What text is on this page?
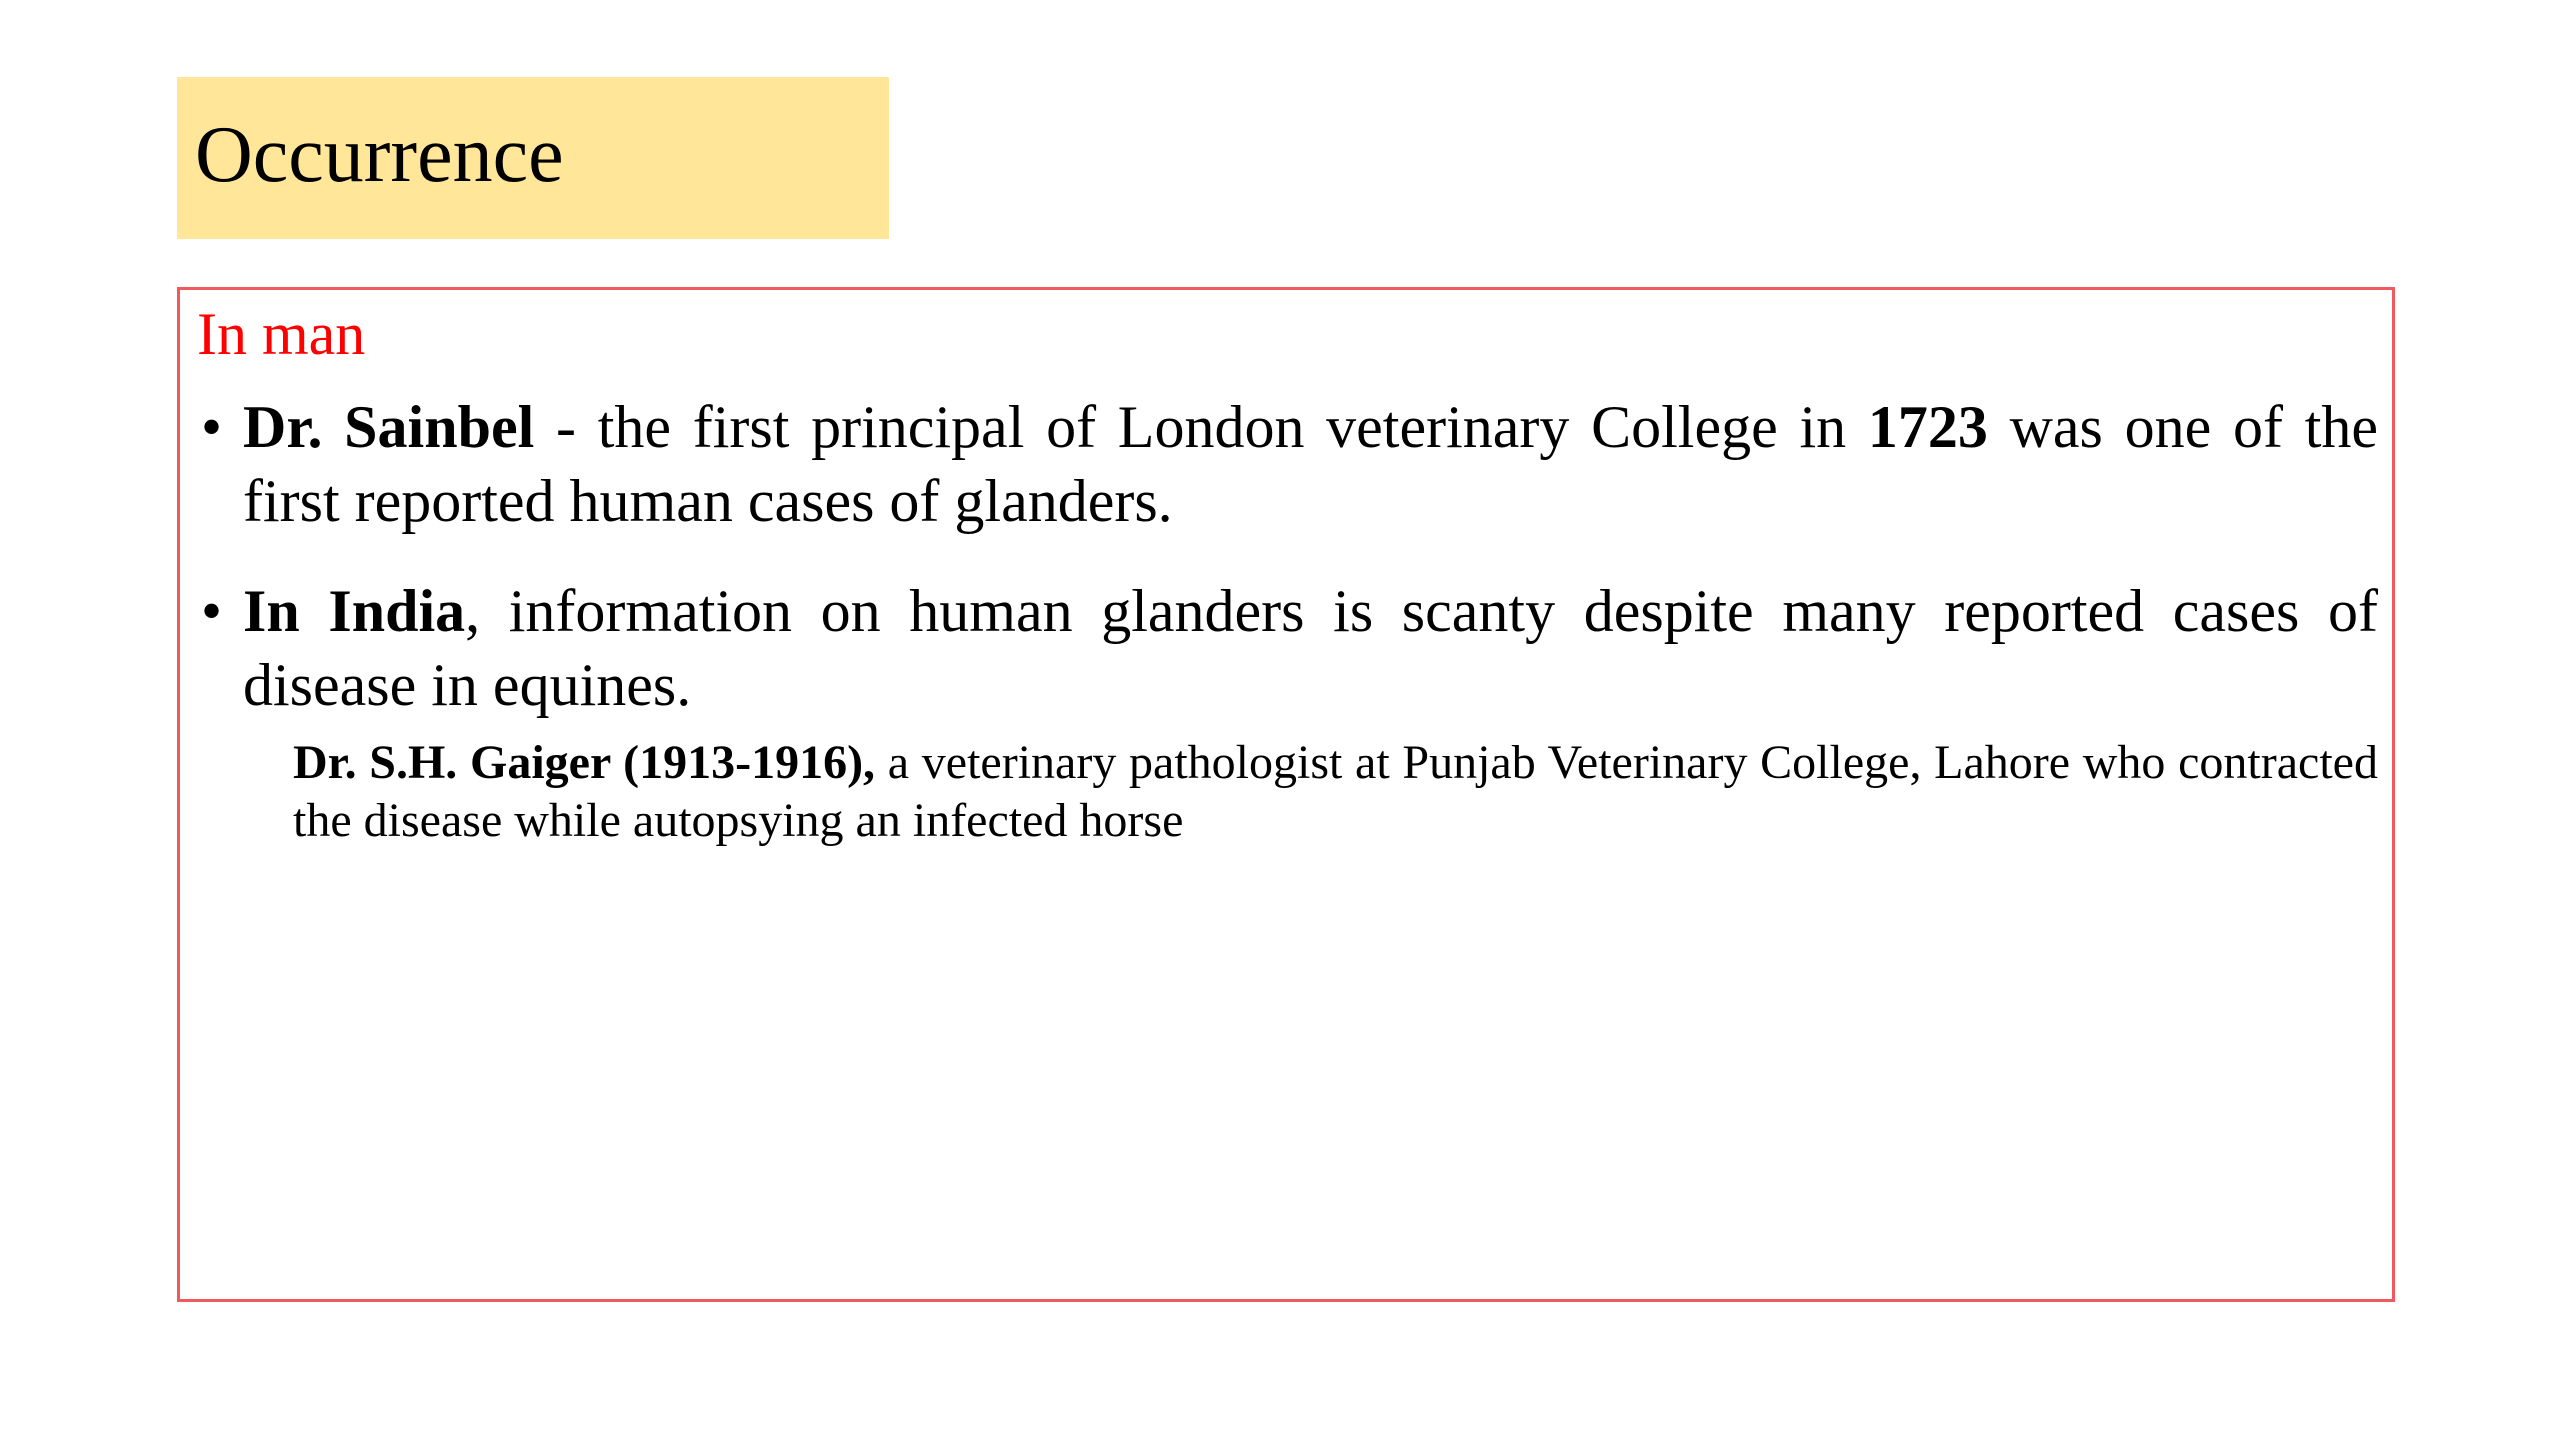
Occurrence
In man
• Dr. Sainbel - the first principal of London veterinary College in 1723 was one of the first reported human cases of glanders.
• In India, information on human glanders is scanty despite many reported cases of disease in equines.
Dr. S.H. Gaiger (1913-1916), a veterinary pathologist at Punjab Veterinary College, Lahore who contracted the disease while autopsying an infected horse
